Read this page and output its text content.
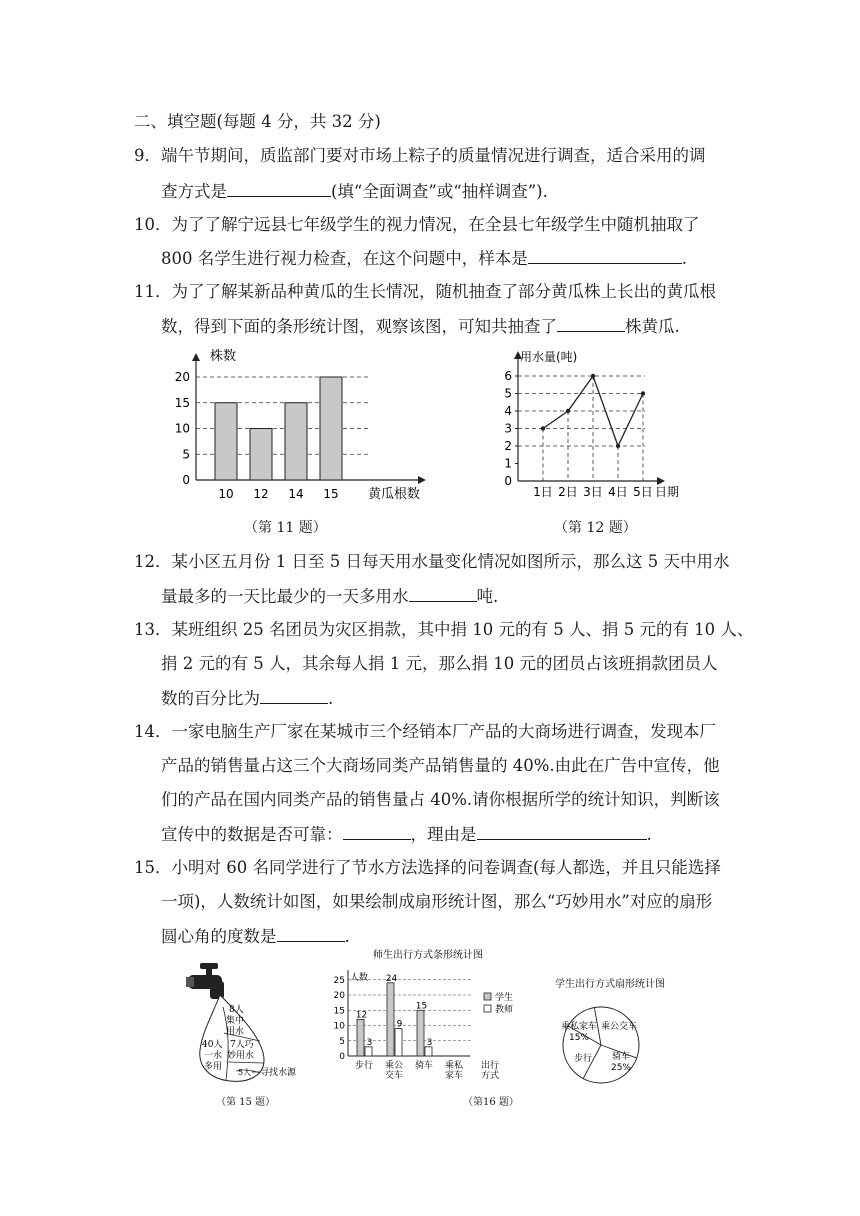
二、填空题(每题 4 分，共 32 分)
9．端午节期间，质监部门要对市场上粽子的质量情况进行调查，适合采用的调
查方式是	(填“全面调查”或“抽样调查”).
10．为了了解宁远县七年级学生的视力情况，在全县七年级学生中随机抽取了
800 名学生进行视力检查，在这个问题中，样本是	.
11．为了了解某新品种黄瓜的生长情况，随机抽查了部分黄瓜株上长出的黄瓜根
数，得到下面的条形统计图，观察该图，可知共抽查了	株黄瓜.
0
5
10
15
20
株数
10 12 14 15 黄瓜根数
（第 11 题）
0
1
2
3
4
5
6
用水量(吨)
1日 2日 3日 4日 5日 日期
（第 12 题）
12．某小区五月份 1 日至 5 日每天用水量变化情况如图所示，那么这 5 天中用水
量最多的一天比最少的一天多用水	吨.
13．某班组织 25 名团员为灾区捐款，其中捐 10 元的有 5 人、捐 5 元的有 10 人、
捐 2 元的有 5 人，其余每人捐 1 元，那么捐 10 元的团员占该班捐款团员人
数的百分比为	.
14．一家电脑生产厂家在某城市三个经销本厂产品的大商场进行调查，发现本厂
产品的销售量占这三个大商场同类产品销售量的 40%.由此在广告中宣传，他
们的产品在国内同类产品的销售量占 40%.请你根据所学的统计知识，判断该
宣传中的数据是否可靠：	，理由是	.
15．小明对 60 名同学进行了节水方法选择的问卷调查(每人都选，并且只能选择
一项)，人数统计如图，如果绘制成扇形统计图，那么“巧妙用水”对应的扇形
圆心角的度数是	.
8人
集中
用水
7人巧
妙用水
40人
一水
多用
5人 寻找水源
（第 15 题）
师生出行方式条形统计图
人数
0
5
10
15
20
25
12
3
步行
24
9
乘公
交车
15
3
骑车 乘私
家车
出行
方式
学生
教师
（第16 题）
学生出行方式扇形统计图
乘公交车
骑车
25%
步行
乘私家车
15%
